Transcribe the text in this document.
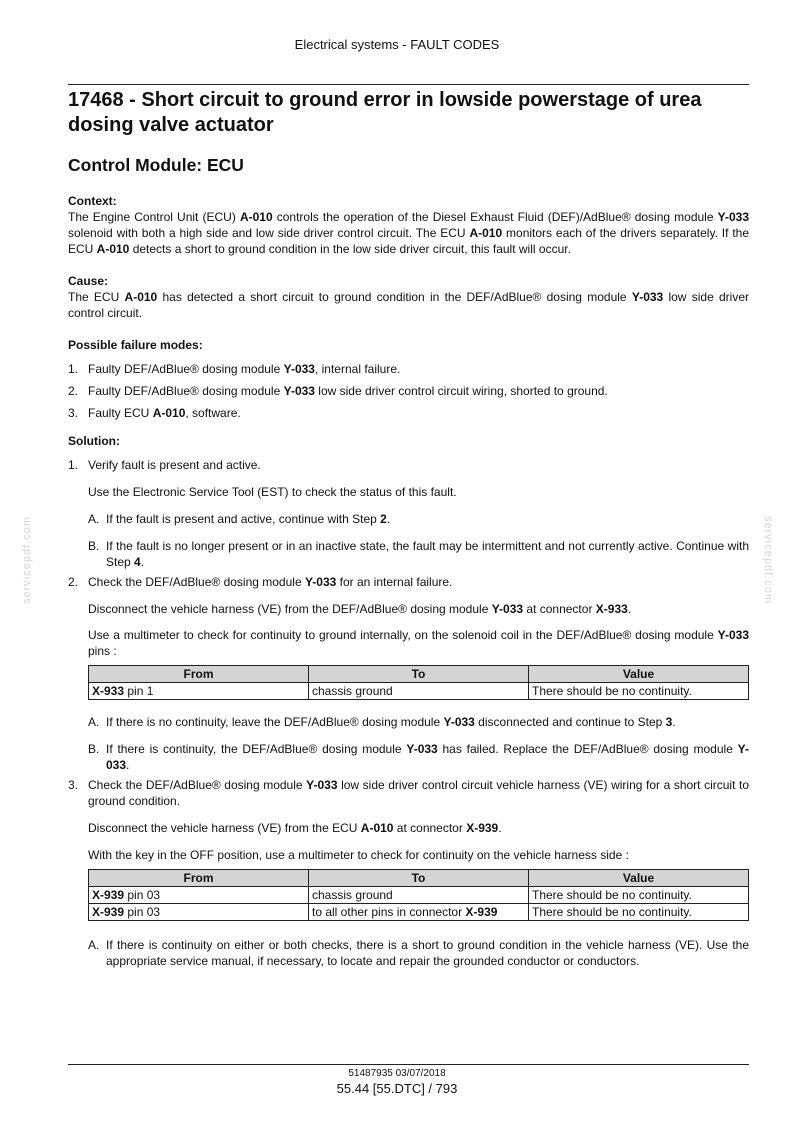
Electrical systems - FAULT CODES
servicepdf.com	servicepdf.com
17468 - Short circuit to ground error in lowside powerstage of urea dosing valve actuator
Control Module: ECU
Context:

The Engine Control Unit (ECU) A-010 controls the operation of the Diesel Exhaust Fluid (DEF)/AdBlue® dosing module Y-033 solenoid with both a high side and low side driver control circuit. The ECU A-010 monitors each of the drivers separately. If the ECU A-010 detects a short to ground condition in the low side driver circuit, this fault will occur.

Cause:

The ECU A-010 has detected a short circuit to ground condition in the DEF/AdBlue® dosing module Y-033 low side driver control circuit.

Possible failure modes:
1. Faulty DEF/AdBlue® dosing module Y-033, internal failure.
2. Faulty DEF/AdBlue® dosing module Y-033 low side driver control circuit wiring, shorted to ground.
3. Faulty ECU A-010, software.
Solution:
1. Verify fault is present and active.
Use the Electronic Service Tool (EST) to check the status of this fault.
A. If the fault is present and active, continue with Step 2.
B. If the fault is no longer present or in an inactive state, the fault may be intermittent and not currently active. Continue with Step 4.
2. Check the DEF/AdBlue® dosing module Y-033 for an internal failure.
Disconnect the vehicle harness (VE) from the DEF/AdBlue® dosing module Y-033 at connector X-933.
Use a multimeter to check for continuity to ground internally, on the solenoid coil in the DEF/AdBlue® dosing module Y-033 pins :
From	To	Value
X-933 pin 1	chassis ground	There should be no continuity.
A. If there is no continuity, leave the DEF/AdBlue® dosing module Y-033 disconnected and continue to Step 3.
B. If there is continuity, the DEF/AdBlue® dosing module Y-033 has failed. Replace the DEF/AdBlue® dosing module Y-033.
3. Check the DEF/AdBlue® dosing module Y-033 low side driver control circuit vehicle harness (VE) wiring for a short circuit to ground condition.
Disconnect the vehicle harness (VE) from the ECU A-010 at connector X-939.
With the key in the OFF position, use a multimeter to check for continuity on the vehicle harness side :
From	To	Value
X-939 pin 03	chassis ground	There should be no continuity.
X-939 pin 03	to all other pins in connector X-939	There should be no continuity.
A. If there is continuity on either or both checks, there is a short to ground condition in the vehicle harness (VE). Use the appropriate service manual, if necessary, to locate and repair the grounded conductor or conductors.
51487935 03/07/2018
55.44 [55.DTC] / 793
